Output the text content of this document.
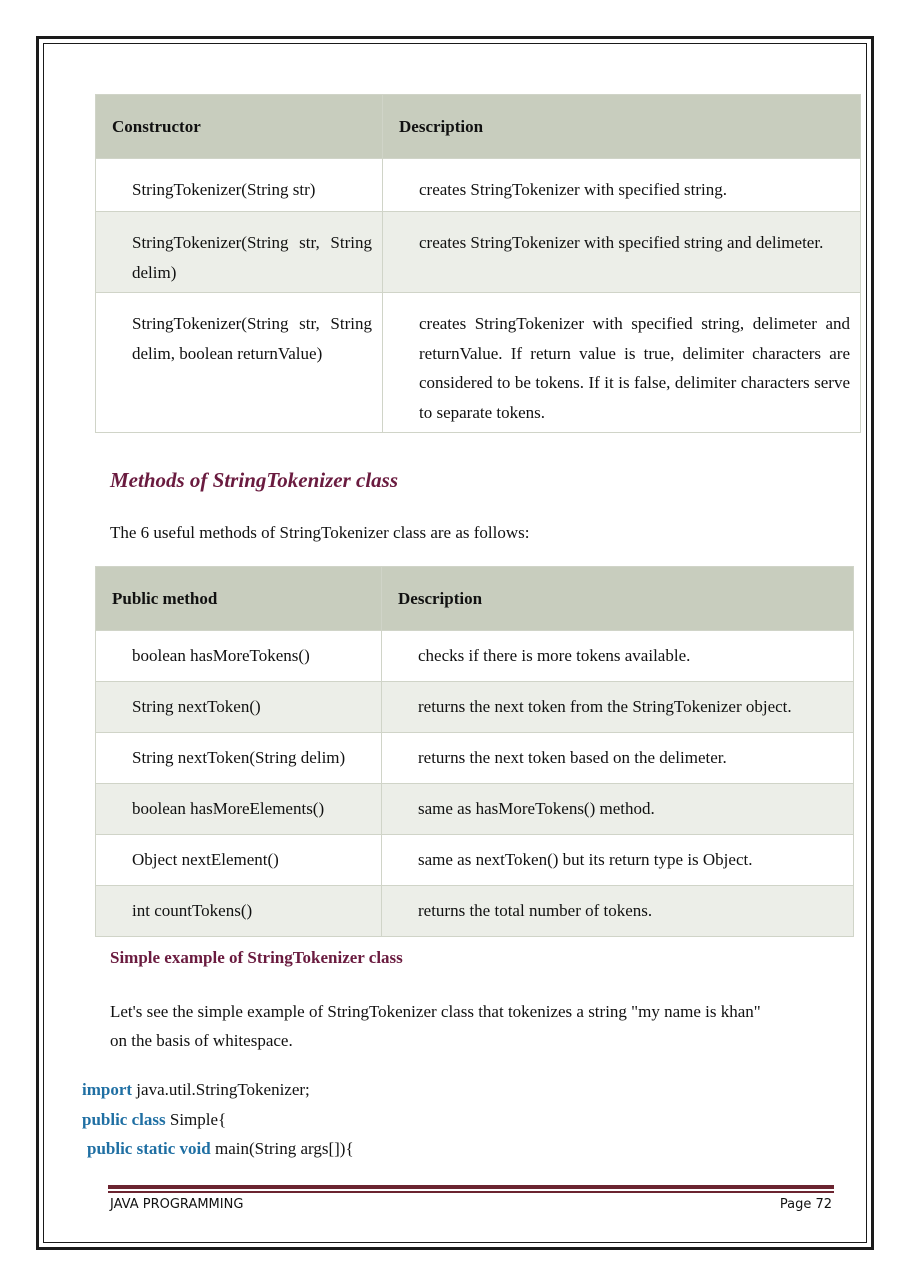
Constructor	Description
StringTokenizer(String str)	creates StringTokenizer with specified string.
StringTokenizer(String str, String delim)	creates StringTokenizer with specified string and delimeter.
StringTokenizer(String str, String delim, boolean returnValue)	creates StringTokenizer with specified string, delimeter and returnValue. If return value is true, delimiter characters are considered to be tokens. If it is false, delimiter characters serve to separate tokens.
Methods of StringTokenizer class
The 6 useful methods of StringTokenizer class are as follows:
Public method	Description
boolean hasMoreTokens()	checks if there is more tokens available.
String nextToken()	returns the next token from the StringTokenizer object.
String nextToken(String delim)	returns the next token based on the delimeter.
boolean hasMoreElements()	same as hasMoreTokens() method.
Object nextElement()	same as nextToken() but its return type is Object.
int countTokens()	returns the total number of tokens.
Simple example of StringTokenizer class
Let's see the simple example of StringTokenizer class that tokenizes a string "my name is khan"
on the basis of whitespace.
import java.util.StringTokenizer;
public class Simple{
public static void main(String args[]){
JAVA PROGRAMMING	Page 72
